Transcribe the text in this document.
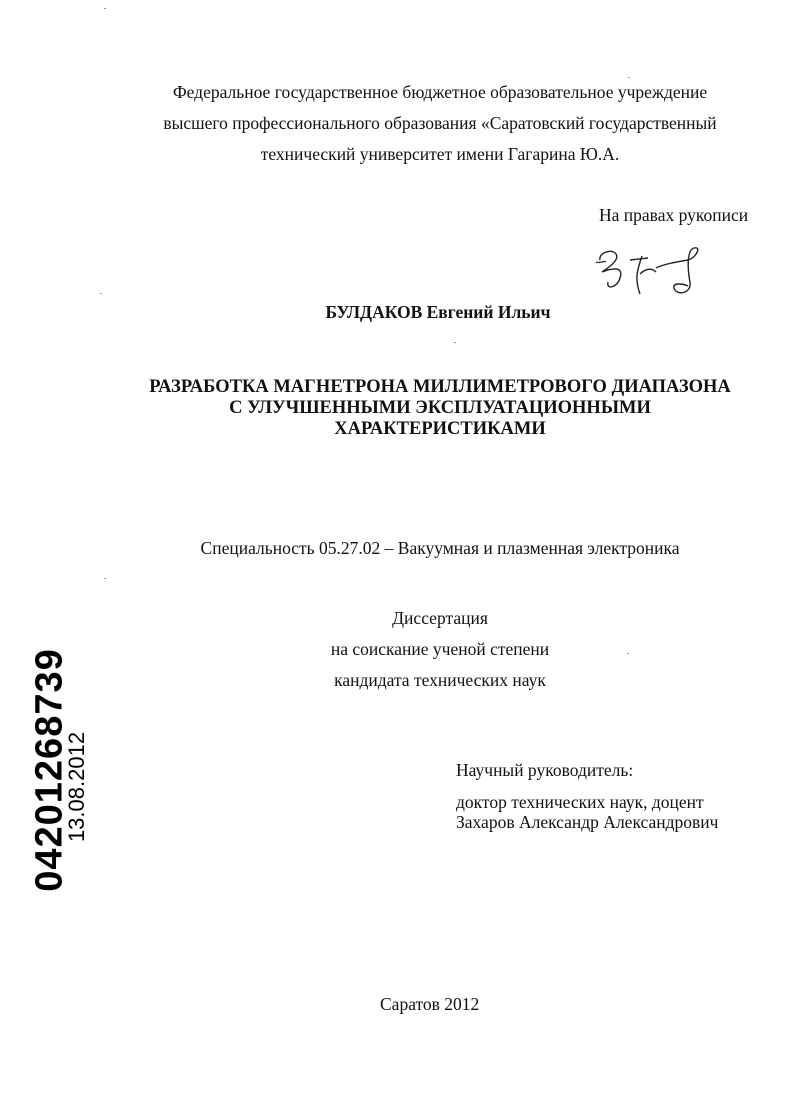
Федеральное государственное бюджетное образовательное учреждение
высшего профессионального образования «Саратовский государственный
технический университет имени Гагарина Ю.А.
На правах рукописи
БУЛДАКОВ Евгений Ильич
РАЗРАБОТКА МАГНЕТРОНА МИЛЛИМЕТРОВОГО ДИАПАЗОНА
С УЛУЧШЕННЫМИ ЭКСПЛУАТАЦИОННЫМИ
ХАРАКТЕРИСТИКАМИ
Специальность 05.27.02 – Вакуумная и плазменная электроника
Диссертация
на соискание ученой степени
кандидата технических наук
Научный руководитель:
доктор технических наук, доцент
Захаров Александр Александрович
Саратов 2012
04201268739
13.08.2012
